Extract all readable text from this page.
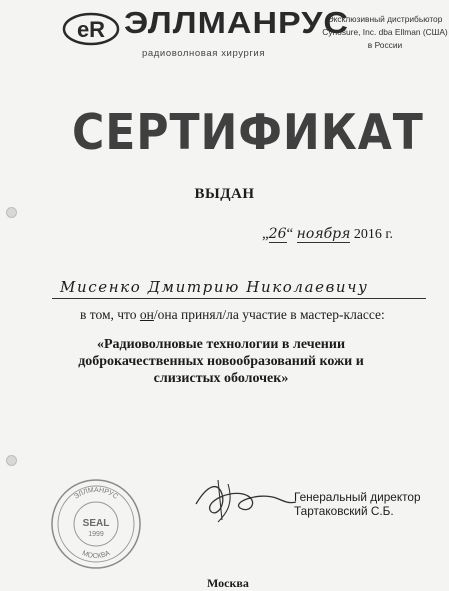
eR ЭЛЛМАНРУС
радиоволновая хирургия
Эксклюзивный дистрибьютор
Cynosure, Inc. dba Ellman (США)
в России
СЕРТИФИКАТ
ВЫДАН
„26“ ноября 2016 г.
Мисенко Дмитрию Николаевичу
в том, что он/она принял/ла участие в мастер-классе:
«Радиоволновые технологии в лечении
доброкачественных новообразований кожи и
слизистых оболочек»
ЭЛЛМАНРУС
МОСКВА
SEAL
1999
Генеральный директор
Тартаковский С.Б.
Москва
